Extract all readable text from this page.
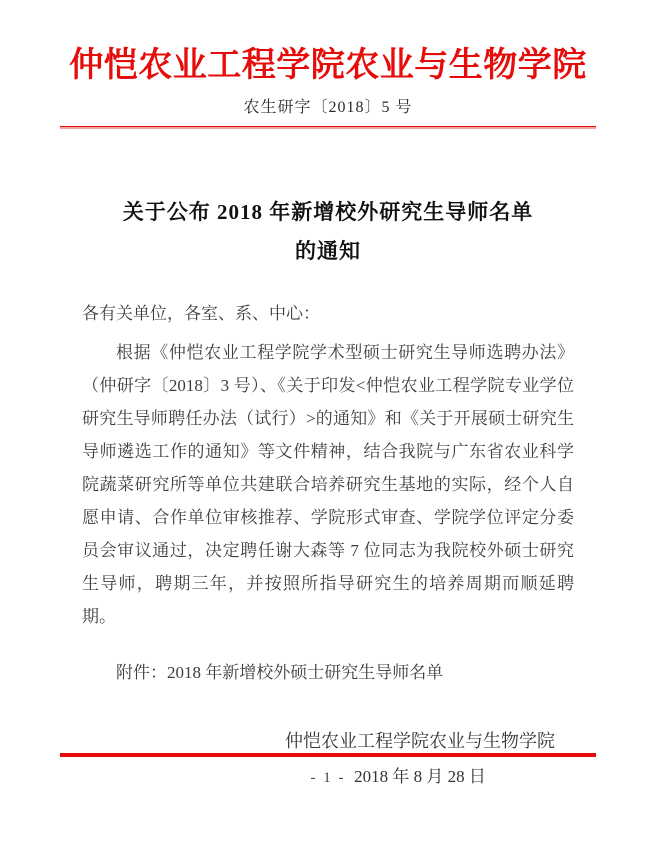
仲恺农业工程学院农业与生物学院
农生研字〔2018〕5 号
关于公布 2018 年新增校外研究生导师名单
的通知
各有关单位，各室、系、中心：
根据《仲恺农业工程学院学术型硕士研究生导师选聘办法》
（仲研字〔2018〕3 号）、《关于印发<仲恺农业工程学院专业学位
研究生导师聘任办法（试行）>的通知》和《关于开展硕士研究生
导师遴选工作的通知》等文件精神，结合我院与广东省农业科学
院蔬菜研究所等单位共建联合培养研究生基地的实际，经个人自
愿申请、合作单位审核推荐、学院形式审查、学院学位评定分委
员会审议通过，决定聘任谢大森等 7 位同志为我院校外硕士研究
生导师，聘期三年，并按照所指导研究生的培养周期而顺延聘期。
附件：2018 年新增校外硕士研究生导师名单
仲恺农业工程学院农业与生物学院
2018 年 8 月 28 日
- 1 -
